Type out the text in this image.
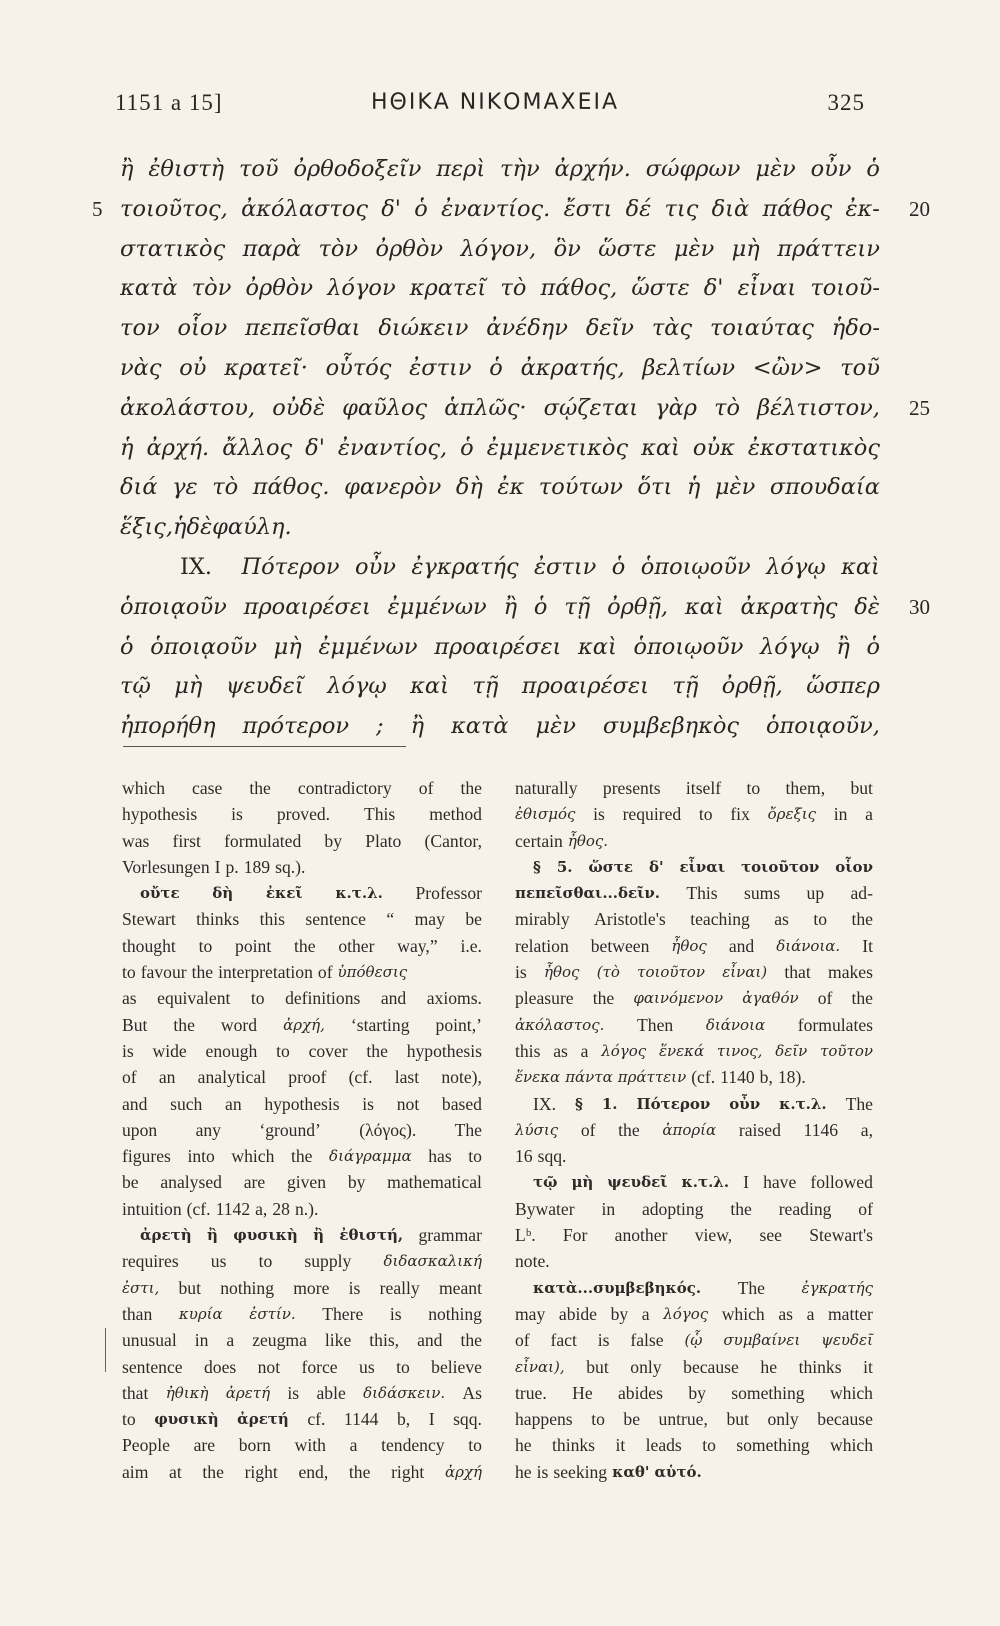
1151 a 15]	ΗΘΙΚΑ ΝΙΚΟΜΑΧΕΙΑ	325
ἢ ἐθιστὴ τοῦ ὀρθοδοξεῖν περὶ τὴν ἀρχήν. σώφρων μὲν οὖν ὁ
5	20
τοιοῦτος, ἀκόλαστος δ' ὁ ἐναντίος. ἔστι δέ τις διὰ πάθος ἐκ-
στατικὸς παρὰ τὸν ὀρθὸν λόγον, ὃν ὥστε μὲν μὴ πράττειν
κατὰ τὸν ὀρθὸν λόγον κρατεῖ τὸ πάθος, ὥστε δ' εἶναι τοιοῦ-
τον οἷον πεπεῖσθαι διώκειν ἀνέδην δεῖν τὰς τοιαύτας ἡδο-
νὰς οὐ κρατεῖ· οὗτός ἐστιν ὁ ἀκρατής, βελτίων <ὢν> τοῦ
25
ἀκολάστου, οὐδὲ φαῦλος ἁπλῶς· σῴζεται γὰρ τὸ βέλτιστον,
ἡ ἀρχή. ἄλλος δ' ἐναντίος, ὁ ἐμμενετικὸς καὶ οὐκ ἐκστατικὸς
διά γε τὸ πάθος. φανερὸν δὴ ἐκ τούτων ὅτι ἡ μὲν σπουδαία
ἕξις, ἡ δὲ φαύλη.
IX. Πότερον οὖν ἐγκρατής ἐστιν ὁ ὁποιῳοῦν λόγῳ καὶ
30
ὁποιᾳοῦν προαιρέσει ἐμμένων ἢ ὁ τῇ ὀρθῇ, καὶ ἀκρατὴς δὲ
ὁ ὁποιᾳοῦν μὴ ἐμμένων προαιρέσει καὶ ὁποιῳοῦν λόγῳ ἢ ὁ
τῷ μὴ ψευδεῖ λόγῳ καὶ τῇ προαιρέσει τῇ ὀρθῇ, ὥσπερ
ἠπορήθη πρότερον ; ἢ κατὰ μὲν συμβεβηκὸς ὁποιᾳοῦν,
which case the contradictory of the
hypothesis is proved. This method
was first formulated by Plato (Cantor,
Vorlesungen I p. 189 sq.).
οὔτε δὴ ἐκεῖ κ.τ.λ. Professor
Stewart thinks this sentence “ may be
thought to point the other way,” i.e.
to favour the interpretation of ὑπόθεσις
as equivalent to definitions and axioms.
But the word ἀρχή, ‘starting point,’
is wide enough to cover the hypothesis
of an analytical proof (cf. last note),
and such an hypothesis is not based
upon any ‘ground’ (λόγος). The
figures into which the διάγραμμα has to
be analysed are given by mathematical
intuition (cf. 1142 a, 28 n.).
ἀρετὴ ἢ φυσικὴ ἢ ἐθιστή, grammar
requires us to supply διδασκαλική
ἐστι, but nothing more is really meant
than κυρία ἐστίν. There is nothing
unusual in a zeugma like this, and the
sentence does not force us to believe
that ἠθικὴ ἀρετή is able διδάσκειν. As
to φυσικὴ ἀρετή cf. 1144 b, I sqq.
People are born with a tendency to
aim at the right end, the right ἀρχή
naturally presents itself to them, but
ἐθισμός is required to fix ὄρεξις in a
certain ἦθος.
§ 5. ὥστε δ' εἶναι τοιοῦτον οἷον
πεπεῖσθαι...δεῖν. This sums up ad-
mirably Aristotle's teaching as to the
relation between ἦθος and διάνοια. It
is ἦθος (τὸ τοιοῦτον εἶναι) that makes
pleasure the φαινόμενον ἀγαθόν of the
ἀκόλαστος. Then διάνοια formulates
this as a λόγος ἕνεκά τινος, δεῖν τοῦτον
ἕνεκα πάντα πράττειν (cf. 1140 b, 18).
IX. § 1. Πότερον οὖν κ.τ.λ. The
λύσις of the ἀπορία raised 1146 a,
16 sqq.
τῷ μὴ ψευδεῖ κ.τ.λ. I have followed
Bywater in adopting the reading of
Lᵇ. For another view, see Stewart's
note.
κατὰ...συμβεβηκός. The ἐγκρατής
may abide by a λόγος which as a matter
of fact is false (ᾧ συμβαίνει ψευδεῖ
εἶναι), but only because he thinks it
true. He abides by something which
happens to be untrue, but only because
he thinks it leads to something which
he is seeking καθ' αὑτό.
